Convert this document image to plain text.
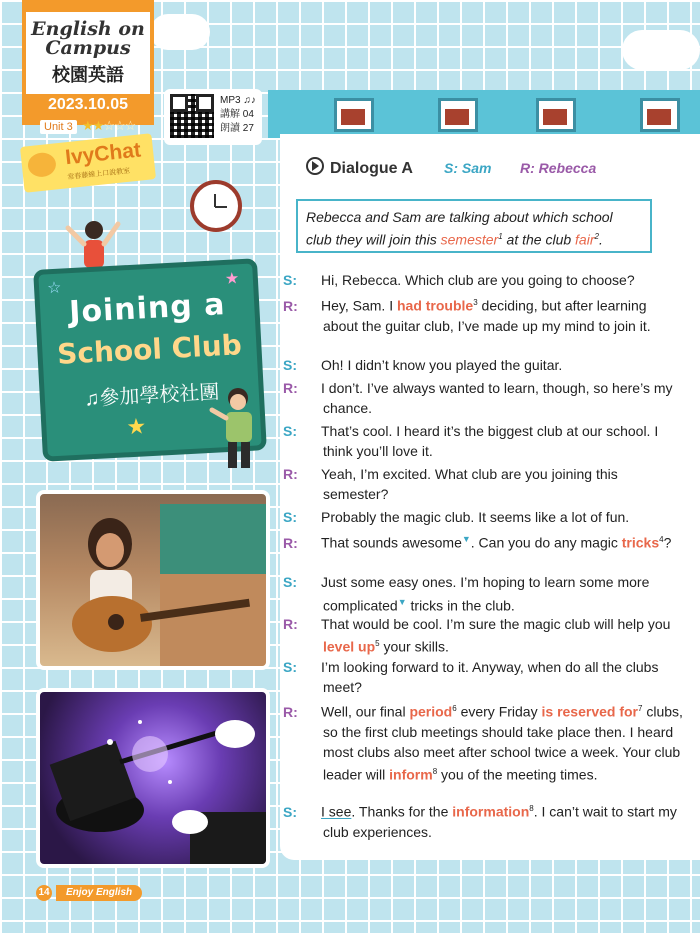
English on Campus
校園英語
2023.10.05
Unit 3 ★★☆☆☆
IvyChat
常春藤線上口說教室
MP3 ♫♪
講解 04
朗讀 27
Joining a
School Club
♫參加學校社團
☆
★
★
Dialogue A S: Sam R: Rebecca
Rebecca and Sam are talking about which school club they will join this semester$^1$ at the club fair$^2$.
S: Hi, Rebecca. Which club are you going to choose?
R: Hey, Sam. I had trouble$^3$ deciding, but after learning about the guitar club, I’ve made up my mind to join it.
S: Oh! I didn’t know you played the guitar.
R: I don’t. I’ve always wanted to learn, though, so here’s my chance.
S: That’s cool. I heard it’s the biggest club at our school. I think you’ll love it.
R: Yeah, I’m excited. What club are you joining this semester?
S: Probably the magic club. It seems like a lot of fun.
R: That sounds awesome▼. Can you do any magic tricks$^4$?
S: Just some easy ones. I’m hoping to learn some more complicated▼ tricks in the club.
R: That would be cool. I’m sure the magic club will help you level $up^5$ your skills.
S: I’m looking forward to it. Anyway, when do all the clubs meet?
R: Well, our final period$^6$ every Friday is reserved for$^7$ clubs, so the first club meetings should take place then. I heard most clubs also meet after school twice a week. Your club leader will inform$^8$ you of the meeting times.
S: I see. Thanks for the information$^8$. I can’t wait to start my club experiences.
14	Enjoy English
